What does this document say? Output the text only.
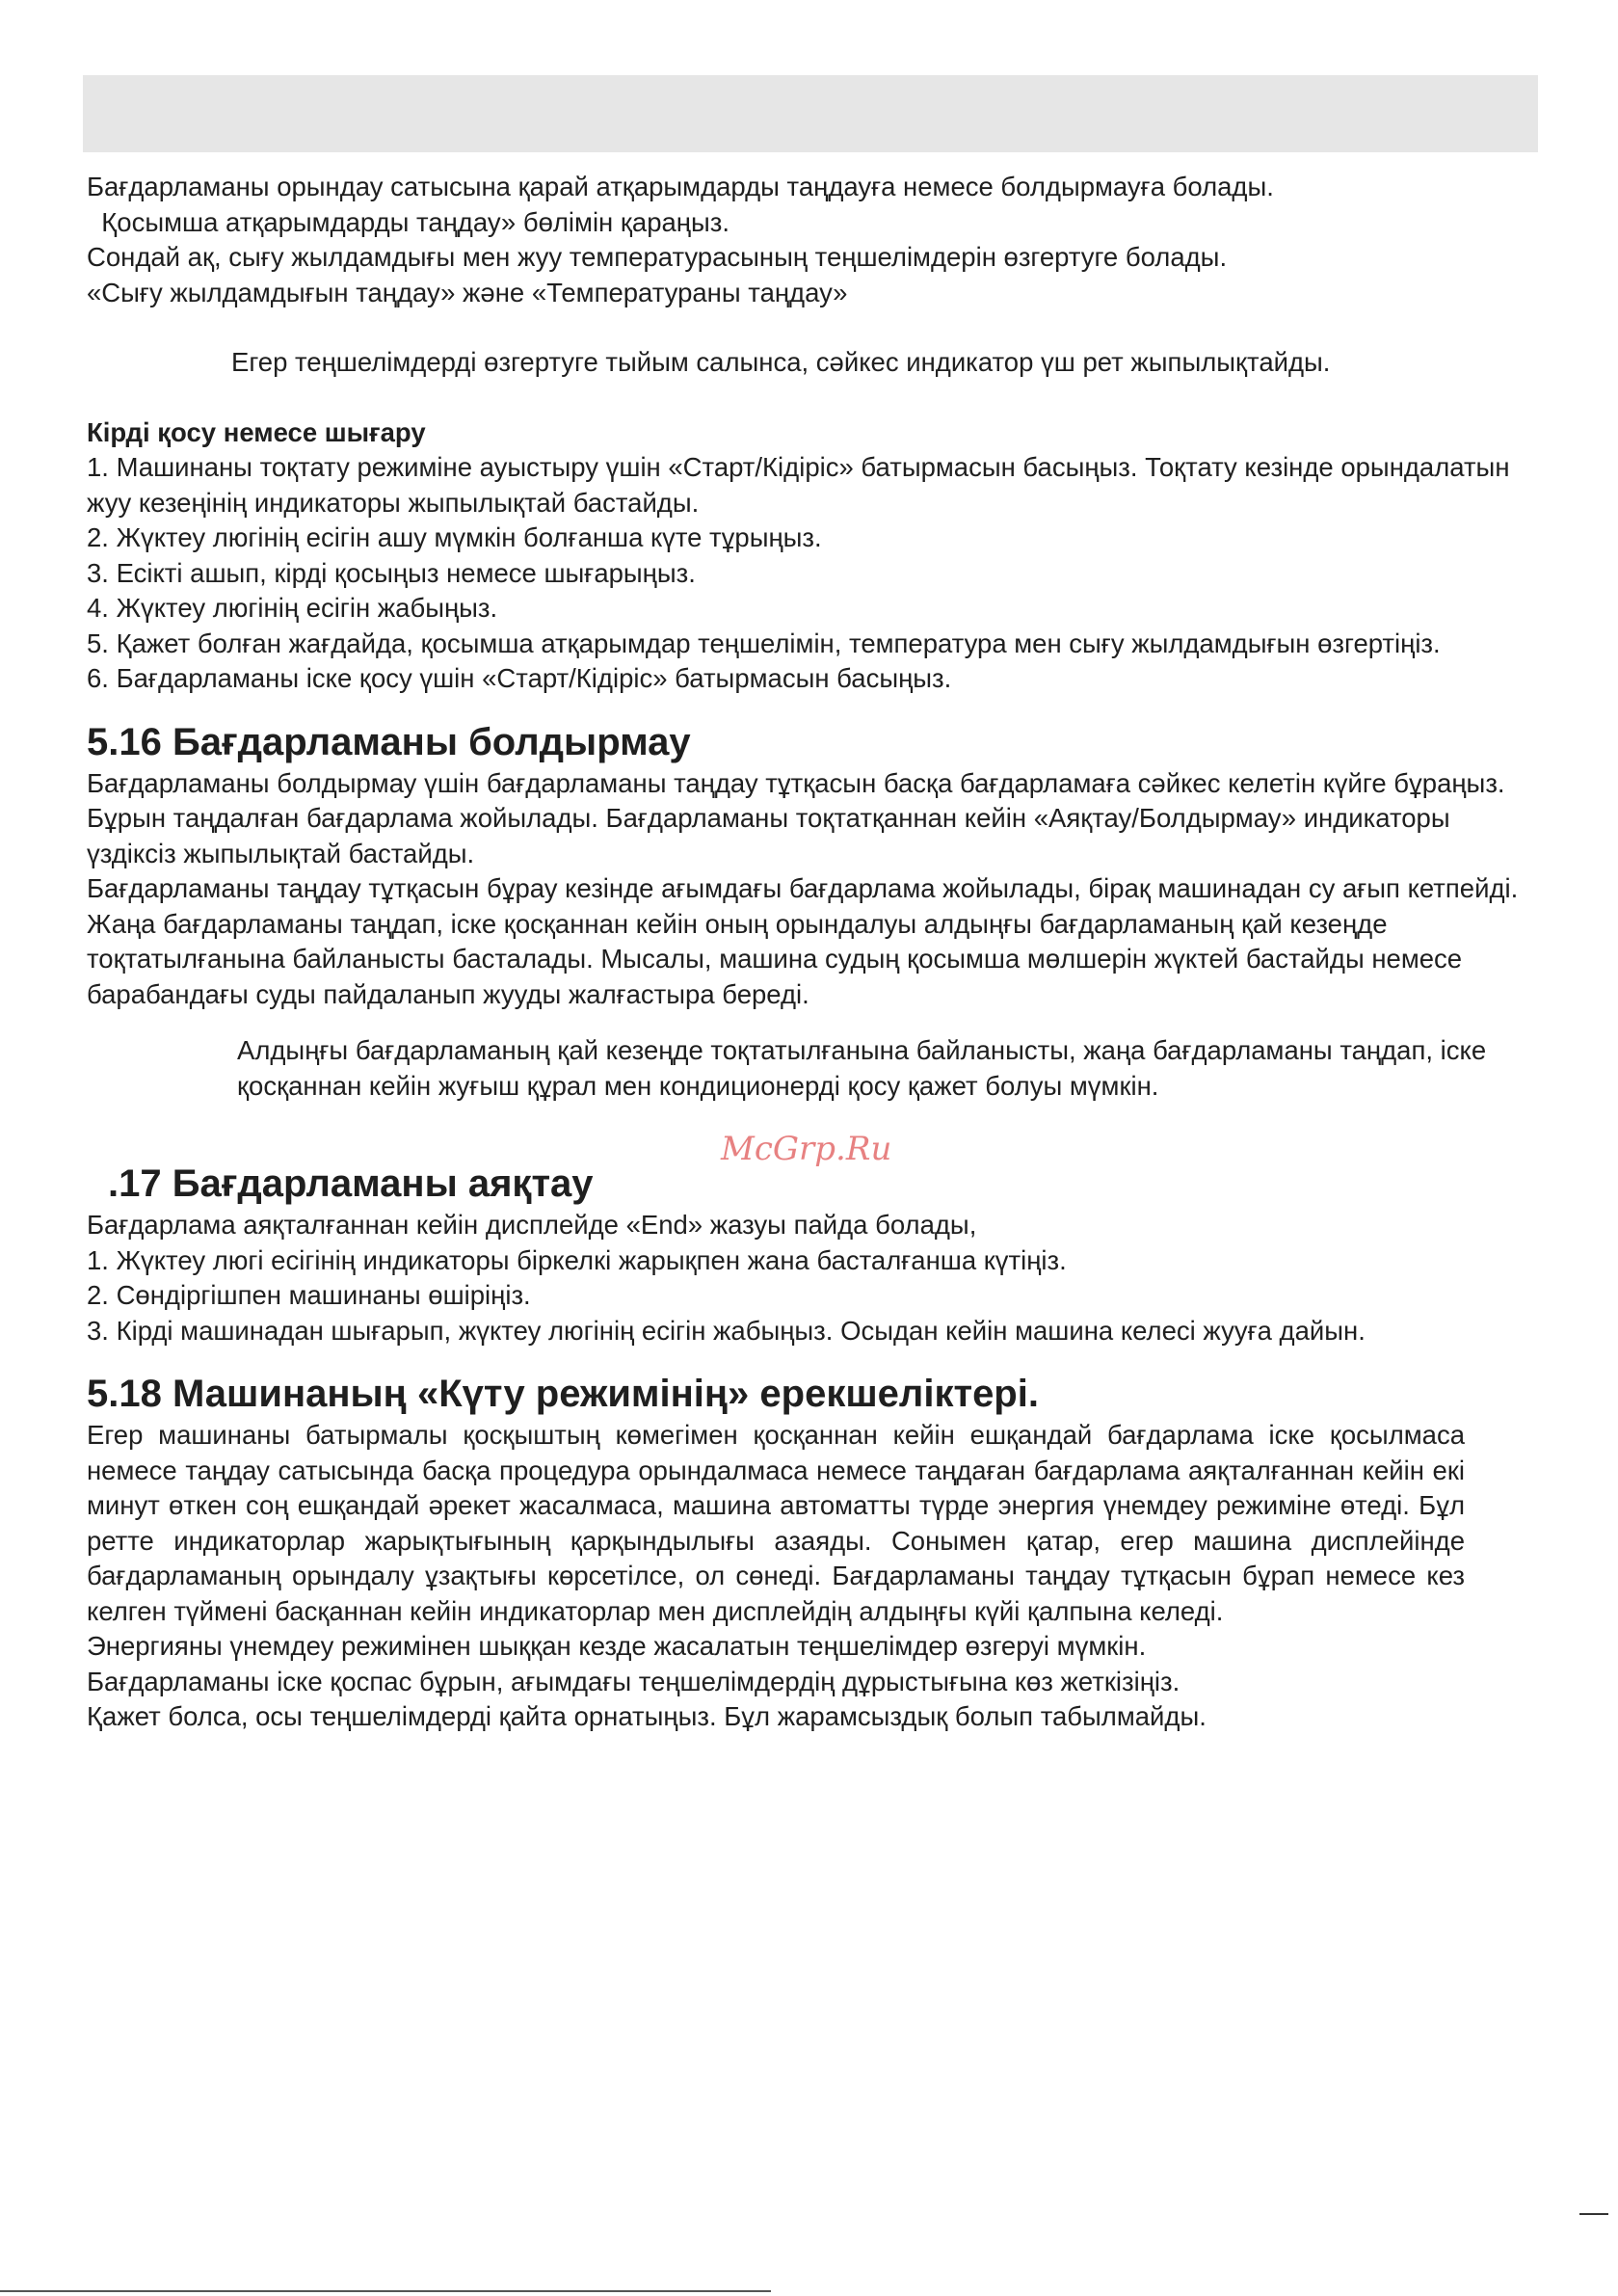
Бағдарламаны орындау сатысына қарай атқарымдарды таңдауға немесе болдырмауға болады.

Қосымша атқарымдарды таңдау» бөлімін қараңыз.

Сондай ақ, сығу жылдамдығы мен жуу температурасының теңшелімдерін өзгертуге болады.

«Сығу жылдамдығын таңдау» және «Температураны таңдау»

Егер теңшелімдерді өзгертуге тыйым салынса, сәйкес индикатор үш рет жыпылықтайды.

Кірді қосу немесе шығару

1. Машинаны тоқтату режиміне ауыстыру үшін «Старт/Кідіріс» батырмасын басыңыз. Тоқтату кезінде орындалатын жуу кезеңінің индикаторы жыпылықтай бастайды.

2. Жүктеу люгінің есігін ашу мүмкін болғанша күте тұрыңыз.

3. Есікті ашып, кірді қосыңыз немесе шығарыңыз.

4. Жүктеу люгінің есігін жабыңыз.

5. Қажет болған жағдайда, қосымша атқарымдар теңшелімін, температура мен сығу жылдамдығын өзгертіңіз.

6. Бағдарламаны іске қосу үшін «Старт/Кідіріс» батырмасын басыңыз.

5.16 Бағдарламаны болдырмау

Бағдарламаны болдырмау үшін бағдарламаны таңдау тұтқасын басқа бағдарламаға сәйкес келетін күйге бұраңыз. Бұрын таңдалған бағдарлама жойылады. Бағдарламаны тоқтатқаннан кейін «Аяқтау/Болдырмау» индикаторы үздіксіз жыпылықтай бастайды.

Бағдарламаны таңдау тұтқасын бұрау кезінде ағымдағы бағдарлама жойылады, бірақ машинадан су ағып кетпейді. Жаңа бағдарламаны таңдап, іске қосқаннан кейін оның орындалуы алдыңғы бағдарламаның қай кезеңде тоқтатылғанына байланысты басталады. Мысалы, машина судың қосымша мөлшерін жүктей бастайды немесе барабандағы суды пайдаланып жууды жалғастыра береді.

Алдыңғы бағдарламаның қай кезеңде тоқтатылғанына байланысты, жаңа бағдарламаны таңдап, іске қосқаннан кейін жуғыш құрал мен кондиционерді қосу қажет болуы мүмкін.

.17 Бағдарламаны аяқтау

Бағдарлама аяқталғаннан кейін дисплейде «End» жазуы пайда болады,

1. Жүктеу люгі есігінің индикаторы біркелкі жарықпен жана басталғанша күтіңіз.

2. Сөндіргішпен машинаны өшіріңіз.

3. Кірді машинадан шығарып, жүктеу люгінің есігін жабыңыз. Осыдан кейін машина келесі жууға дайын.

5.18 Машинаның «Күту режимінің» ерекшеліктері.

Егер машинаны батырмалы қосқыштың көмегімен қосқаннан кейін ешқандай бағдарлама іске қосылмаса немесе таңдау сатысында басқа процедура орындалмаса немесе таңдаған бағдарлама аяқталғаннан кейін екі минут өткен соң ешқандай әрекет жасалмаса, машина автоматты түрде энергия үнемдеу режиміне өтеді. Бұл ретте индикаторлар жарықтығының қарқындылығы азаяды. Сонымен қатар, егер машина дисплейінде бағдарламаның орындалу ұзақтығы көрсетілсе, ол сөнеді. Бағдарламаны таңдау тұтқасын бұрап немесе кез келген түймені басқаннан кейін индикаторлар мен дисплейдің алдыңғы күйі қалпына келеді.

Энергияны үнемдеу режимінен шыққан кезде жасалатын теңшелімдер өзгеруі мүмкін.

Бағдарламаны іске қоспас бұрын, ағымдағы теңшелімдердің дұрыстығына көз жеткізіңіз.

Қажет болса, осы теңшелімдерді қайта орнатыңыз. Бұл жарамсыздық болып табылмайды.

McGrp.Ru
